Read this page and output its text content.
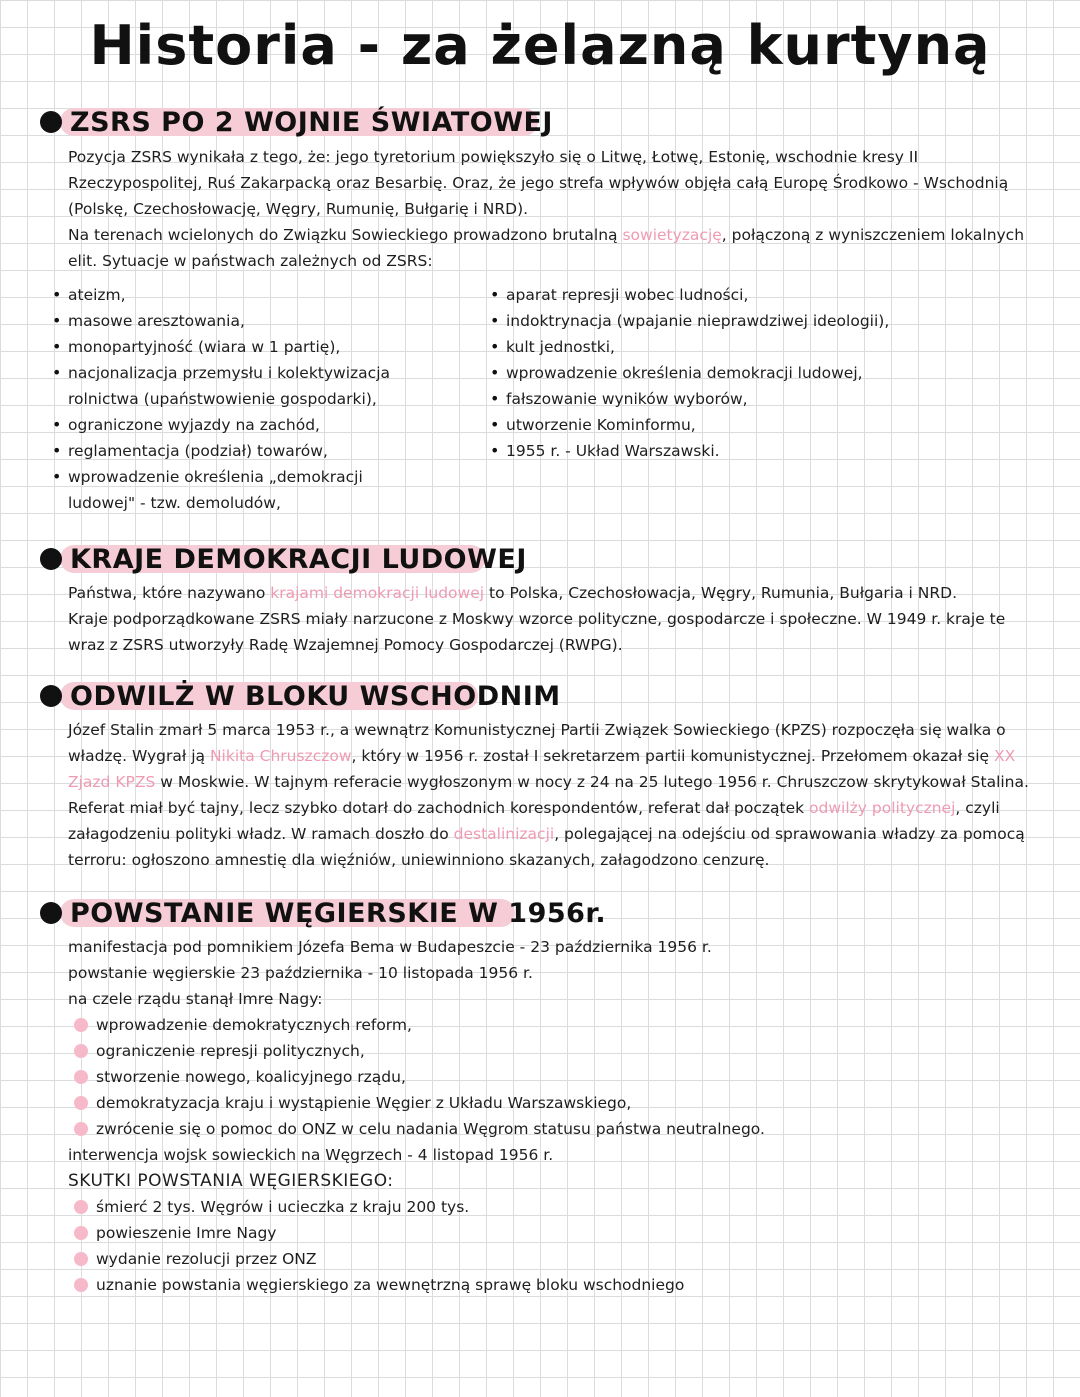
Historia - za żelazną kurtyną
ZSRS PO 2 WOJNIE ŚWIATOWEJ

Pozycja ZSRS wynikała z tego, że: jego tyretorium powiększyło się o Litwę, Łotwę, Estonię, wschodnie kresy II Rzeczypospolitej, Ruś Zakarpacką oraz Besarbię. Oraz, że jego strefa wpływów objęła całą Europę Środkowo - Wschodnią (Polskę, Czechosłowację, Węgry, Rumunię, Bułgarię i NRD).

Na terenach wcielonych do Związku Sowieckiego prowadzono brutalną sowietyzację, połączoną z wyniszczeniem lokalnych elit. Sytuacje w państwach zależnych od ZSRS:

• ateizm,
• masowe aresztowania,
• monopartyjność (wiara w 1 partię),
• nacjonalizacja przemysłu i kolektywizacja rolnictwa (upaństwowienie gospodarki),
• ograniczone wyjazdy na zachód,
• reglamentacja (podział) towarów,
• wprowadzenie określenia „demokracji ludowej" - tzw. demoludów,
• aparat represji wobec ludności,
• indoktrynacja (wpajanie nieprawdziwej ideologii),
• kult jednostki,
• wprowadzenie określenia demokracji ludowej,
• fałszowanie wyników wyborów,
• utworzenie Kominformu,
• 1955 r. - Układ Warszawski.
KRAJE DEMOKRACJI LUDOWEJ

Państwa, które nazywano krajami demokracji ludowej to Polska, Czechosłowacja, Węgry, Rumunia, Bułgaria i NRD.

Kraje podporządkowane ZSRS miały narzucone z Moskwy wzorce polityczne, gospodarcze i społeczne. W 1949 r. kraje te wraz z ZSRS utworzyły Radę Wzajemnej Pomocy Gospodarczej (RWPG).

ODWILŻ W BLOKU WSCHODNIM

Józef Stalin zmarł 5 marca 1953 r., a wewnątrz Komunistycznej Partii Związek Sowieckiego (KPZS) rozpoczęła się walka o władzę. Wygrał ją Nikita Chruszczow, który w 1956 r. został I sekretarzem partii komunistycznej. Przełomem okazał się XX Zjazd KPZS w Moskwie. W tajnym referacie wygłoszonym w nocy z 24 na 25 lutego 1956 r. Chruszczow skrytykował Stalina. Referat miał być tajny, lecz szybko dotarł do zachodnich korespondentów, referat dał początek odwilży politycznej, czyli załagodzeniu polityki władz. W ramach doszło do destalinizacji, polegającej na odejściu od sprawowania władzy za pomocą terroru: ogłoszono amnestię dla więźniów, uniewinniono skazanych, załagodzono cenzurę.

POWSTANIE WĘGIERSKIE W 1956r.

manifestacja pod pomnikiem Józefa Bema w Budapeszcie - 23 października 1956 r.

powstanie węgierskie 23 października - 10 listopada 1956 r.

na czele rządu stanął Imre Nagy:

wprowadzenie demokratycznych reform,
ograniczenie represji politycznych,
stworzenie nowego, koalicyjnego rządu,
demokratyzacja kraju i wystąpienie Węgier z Układu Warszawskiego,
zwrócenie się o pomoc do ONZ w celu nadania Węgrom statusu państwa neutralnego.

interwencja wojsk sowieckich na Węgrzech - 4 listopad 1956 r.

SKUTKI POWSTANIA WĘGIERSKIEGO:

śmierć 2 tys. Węgrów i ucieczka z kraju 200 tys.
powieszenie Imre Nagy
wydanie rezolucji przez ONZ
uznanie powstania węgierskiego za wewnętrzną sprawę bloku wschodniego
